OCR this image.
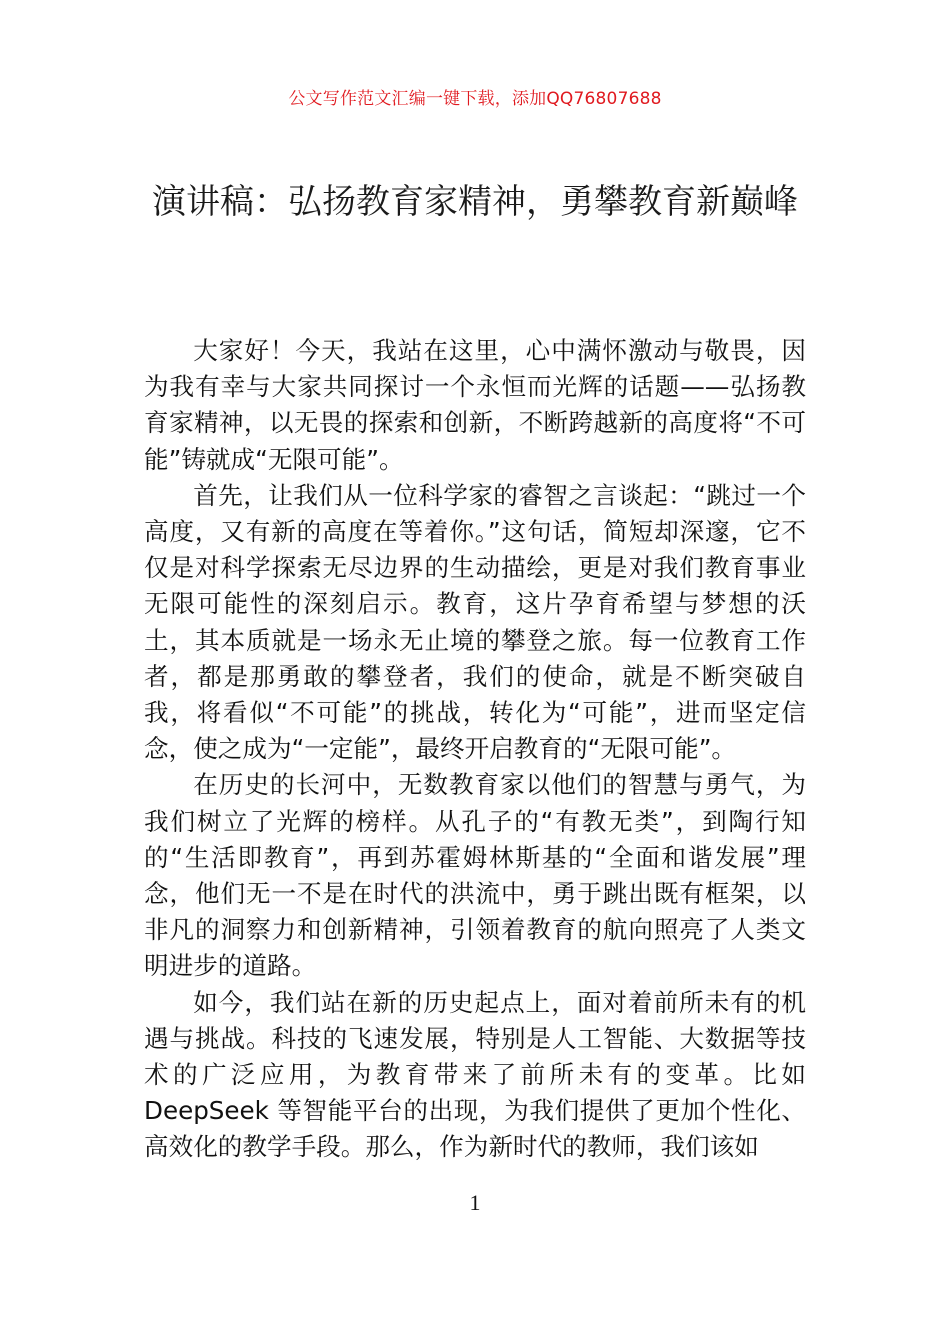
公文写作范文汇编一键下载，添加QQ76807688
演讲稿：弘扬教育家精神，勇攀教育新巅峰

大家好！今天，我站在这里，心中满怀激动与敬畏，因为我有幸与大家共同探讨一个永恒而光辉的话题——弘扬教育家精神，以无畏的探索和创新，不断跨越新的高度将“不可能”铸就成“无限可能”。

首先，让我们从一位科学家的睿智之言谈起：“跳过一个高度，又有新的高度在等着你。”这句话，简短却深邃，它不仅是对科学探索无尽边界的生动描绘，更是对我们教育事业无限可能性的深刻启示。教育，这片孕育希望与梦想的沃土，其本质就是一场永无止境的攀登之旅。每一位教育工作者，都是那勇敢的攀登者，我们的使命，就是不断突破自我，将看似“不可能”的挑战，转化为“可能”，进而坚定信念，使之成为“一定能”，最终开启教育的“无限可能”。

在历史的长河中，无数教育家以他们的智慧与勇气，为我们树立了光辉的榜样。从孔子的“有教无类”，到陶行知的“生活即教育”，再到苏霍姆林斯基的“全面和谐发展”理念，他们无一不是在时代的洪流中，勇于跳出既有框架，以非凡的洞察力和创新精神，引领着教育的航向照亮了人类文明进步的道路。

如今，我们站在新的历史起点上，面对着前所未有的机遇与挑战。科技的飞速发展，特别是人工智能、大数据等技术的广泛应用，为教育带来了前所未有的变革。比如 DeepSeek 等智能平台的出现，为我们提供了更加个性化、高效化的教学手段。那么，作为新时代的教师，我们该如

1
